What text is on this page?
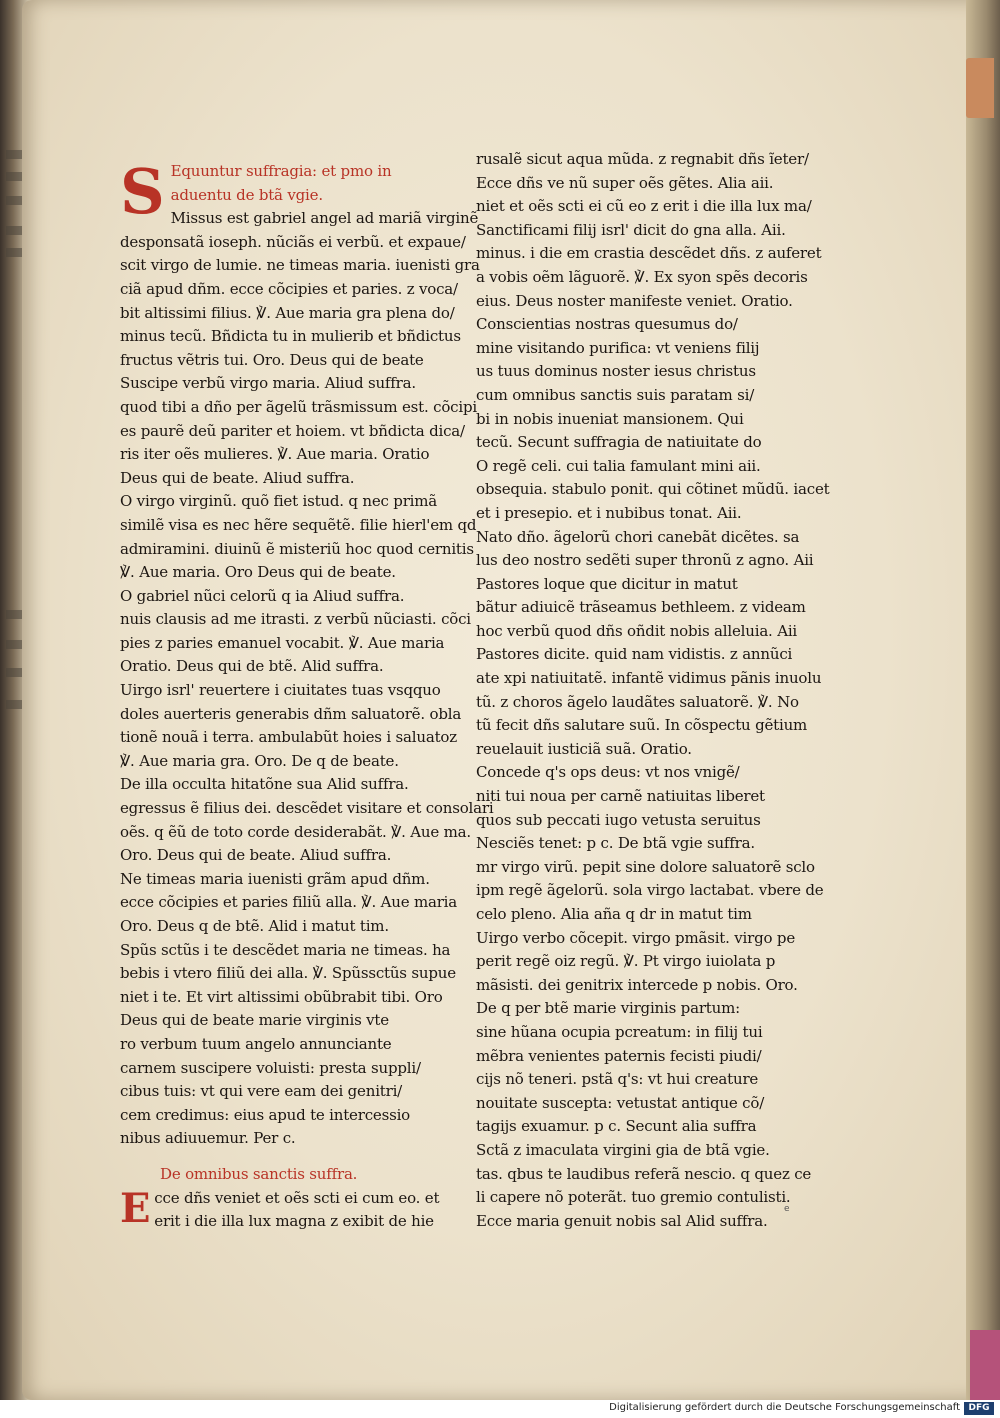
S Equuntur suffragia: et pmo in
aduentu de btã vgie.
Missus est gabriel angel ad mariã virginẽ
desponsatã ioseph. nũciãs ei verbũ. et expaue/
scit virgo de lumie. ne timeas maria. iuenisti gra
ciã apud dñm. ecce cõcipies et paries. z voca/
bit altissimi filius. ℣. Aue maria gra plena do/
minus tecũ. Bñdicta tu in mulierib et bñdictus
fructus vẽtris tui. Oro. Deus qui de beate
Suscipe verbũ virgo maria. Aliud suffra.
quod tibi a dño per ãgelũ trãsmissum est. cõcipi
es paurẽ deũ pariter et hoiem. vt bñdicta dica/
ris iter oẽs mulieres. ℣. Aue maria. Oratio
Deus qui de beate. Aliud suffra.
O virgo virginũ. quõ fiet istud. q nec primã
similẽ visa es nec hẽre sequẽtẽ. filie hierl'em qd
admiramini. diuinũ ẽ misteriũ hoc quod cernitis
℣. Aue maria. Oro Deus qui de beate.
O gabriel nũci celorũ q ia Aliud suffra.
nuis clausis ad me itrasti. z verbũ nũciasti. cõci
pies z paries emanuel vocabit. ℣. Aue maria
Oratio. Deus qui de btẽ. Alid suffra.
Uirgo isrl' reuertere i ciuitates tuas vsqquo
doles auerteris generabis dñm saluatorẽ. obla
tionẽ nouã i terra. ambulabũt hoies i saluatoz
℣. Aue maria gra. Oro. De q de beate.
De illa occulta hitatõne sua Alid suffra.
egressus ẽ filius dei. descẽdet visitare et consolari
oẽs. q ẽũ de toto corde desiderabãt. ℣. Aue ma.
Oro. Deus qui de beate. Aliud suffra.
Ne timeas maria iuenisti grãm apud dñm.
ecce cõcipies et paries filiũ alla. ℣. Aue maria
Oro. Deus q de btẽ. Alid i matut tim.
Spũs sctũs i te descẽdet maria ne timeas. ha
bebis i vtero filiũ dei alla. ℣. Spũssctũs supue
niet i te. Et virt altissimi obũbrabit tibi. Oro
Deus qui de beate marie virginis vte
ro verbum tuum angelo annunciante
carnem suscipere voluisti: presta suppli/
cibus tuis: vt qui vere eam dei genitri/
cem credimus: eius apud te intercessio
nibus adiuuemur. Per c.
De omnibus sanctis suffra.
E cce dñs veniet et oẽs scti ei cum eo. et
erit i die illa lux magna z exibit de hie
rusalẽ sicut aqua mũda. z regnabit dñs ĩeter/
Ecce dñs ve nũ super oẽs gẽtes. Alia aii.
niet et oẽs scti ei cũ eo z erit i die illa lux ma/
Sanctificami filij isrl' dicit do gna alla. Aii.
minus. i die em crastia descẽdet dñs. z auferet
a vobis oẽm lãguorẽ. ℣. Ex syon spẽs decoris
eius. Deus noster manifeste veniet. Oratio.
Conscientias nostras quesumus do/
mine visitando purifica: vt veniens filij
us tuus dominus noster iesus christus
cum omnibus sanctis suis paratam si/
bi in nobis inueniat mansionem. Qui
tecũ. Secunt suffragia de natiuitate do
O regẽ celi. cui talia famulant mini aii.
obsequia. stabulo ponit. qui cõtinet mũdũ. iacet
et i presepio. et i nubibus tonat. Aii.
Nato dño. ãgelorũ chori canebãt dicẽtes. sa
lus deo nostro sedẽti super thronũ z agno. Aii
Pastores loque que dicitur in matut
bãtur adiuicẽ trãseamus bethleem. z videam
hoc verbũ quod dñs oñdit nobis alleluia. Aii
Pastores dicite. quid nam vidistis. z annũci
ate xpi natiuitatẽ. infantẽ vidimus pãnis inuolu
tũ. z choros ãgelo laudãtes saluatorẽ. ℣. No
tũ fecit dñs salutare suũ. In cõspectu gẽtium
reuelauit iusticiã suã. Oratio.
Concede q's ops deus: vt nos vnigẽ/
niti tui noua per carnẽ natiuitas liberet
quos sub peccati iugo vetusta seruitus
Nesciẽs tenet: p c. De btã vgie suffra.
mr virgo virũ. pepit sine dolore saluatorẽ sclo
ipm regẽ ãgelorũ. sola virgo lactabat. vbere de
celo pleno. Alia aña q dr in matut tim
Uirgo verbo cõcepit. virgo pmãsit. virgo pe
perit regẽ oiz regũ. ℣. Pt virgo iuiolata p
mãsisti. dei genitrix intercede p nobis. Oro.
De q per btẽ marie virginis partum:
sine hũana ocupia pcreatum: in filij tui
mẽbra venientes paternis fecisti piudi/
cijs nõ teneri. pstã q's: vt hui creature
nouitate suscepta: vetustat antique cõ/
tagijs exuamur. p c. Secunt alia suffra
Sctã z imaculata virgini gia de btã vgie.
tas. qbus te laudibus referã nescio. q quez ce
li capere nõ poterãt. tuo gremio contulisti.
Ecce maria genuit nobis sal Alid suffra.
e
Digitalisierung gefördert durch die Deutsche Forschungsgemeinschaft DFG
